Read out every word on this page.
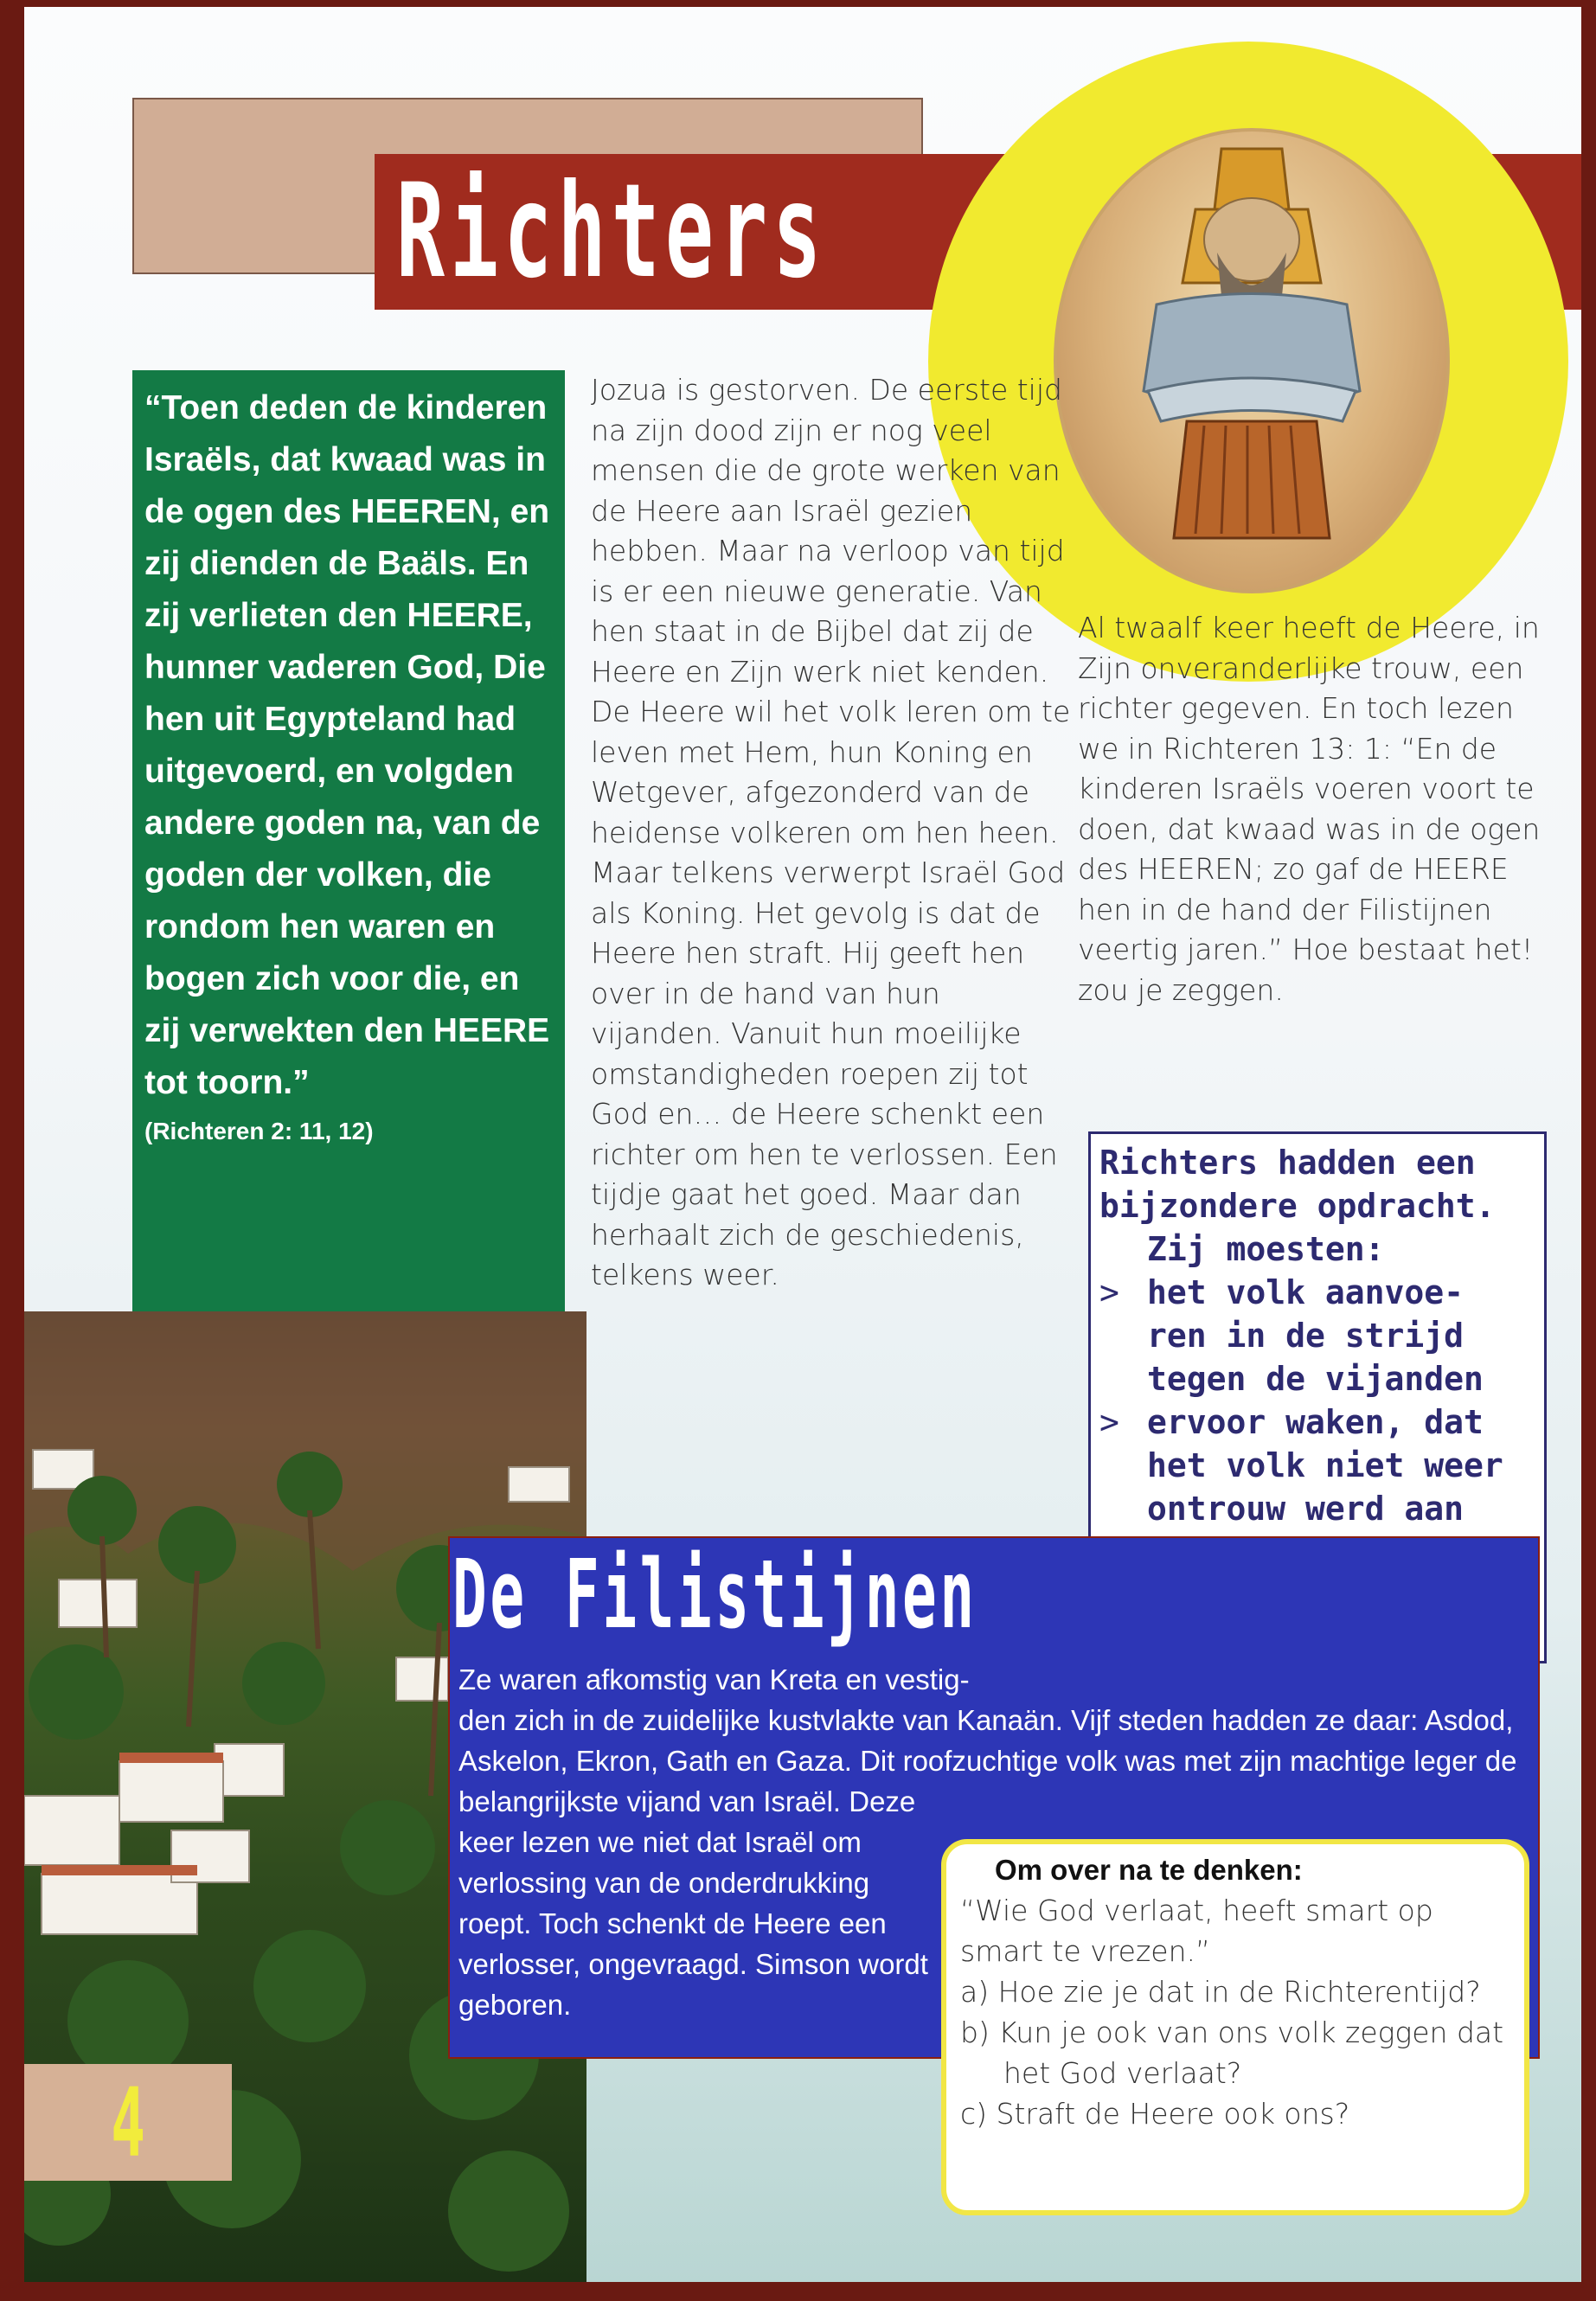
Richters
“Toen deden de kinderen Israëls, dat kwaad was in de ogen des HEEREN, en zij dienden de Baäls. En zij verlieten den HEERE, hunner vaderen God, Die hen uit Egypteland had uitgevoerd, en volgden andere goden na, van de goden der volken, die rondom hen waren en bogen zich voor die, en zij verwekten den HEERE tot toorn.”
(Richteren 2: 11, 12)
Jozua is gestorven. De eerste tijd na zijn dood zijn er nog veel mensen die de grote werken van de Heere aan Israël gezien hebben. Maar na verloop van tijd is er een nieuwe generatie. Van hen staat in de Bijbel dat zij de Heere en Zijn werk niet kenden. De Heere wil het volk leren om te leven met Hem, hun Koning en Wetgever, afgezonderd van de heidense volkeren om hen heen. Maar telkens verwerpt Israël God als Koning. Het gevolg is dat de Heere hen straft. Hij geeft hen over in de hand van hun vijanden. Vanuit hun moeilijke omstandigheden roepen zij tot God en… de Heere schenkt een richter om hen te verlossen. Een tijdje gaat het goed. Maar dan herhaalt zich de geschiedenis, telkens weer.
Al twaalf keer heeft de Heere, in Zijn onveranderlijke trouw, een richter gegeven. En toch lezen we in Richteren 13: 1: “En de kinderen Israëls voeren voort te doen, dat kwaad was in de ogen des HEEREN; zo gaf de HEERE hen in de hand der Filistijnen veertig jaren.” Hoe bestaat het! zou je zeggen.
Richters hadden een
bijzondere opdracht.
Zij moesten:
> het volk aanvoe-
ren in de strijd
tegen de vijanden
> ervoor waken, dat
het volk niet weer
ontrouw werd aan
De Filistijnen
Ze waren afkomstig van Kreta en vestig-
den zich in de zuidelijke kustvlakte van Kanaän. Vijf steden hadden ze daar: Asdod, Askelon, Ekron, Gath en Gaza. Dit roofzuchtige volk was met zijn machtige leger de belangrijkste vijand van Israël. Deze
keer lezen we niet dat Israël om verlossing van de onderdrukking roept. Toch schenkt de Heere een verlosser, ongevraagd. Simson wordt geboren.
Om over na te denken:
“Wie God verlaat, heeft smart op smart te vrezen.”
a) Hoe zie je dat in de Richterentijd?
b) Kun je ook van ons volk zeggen dat het God verlaat?
c) Straft de Heere ook ons?
4
